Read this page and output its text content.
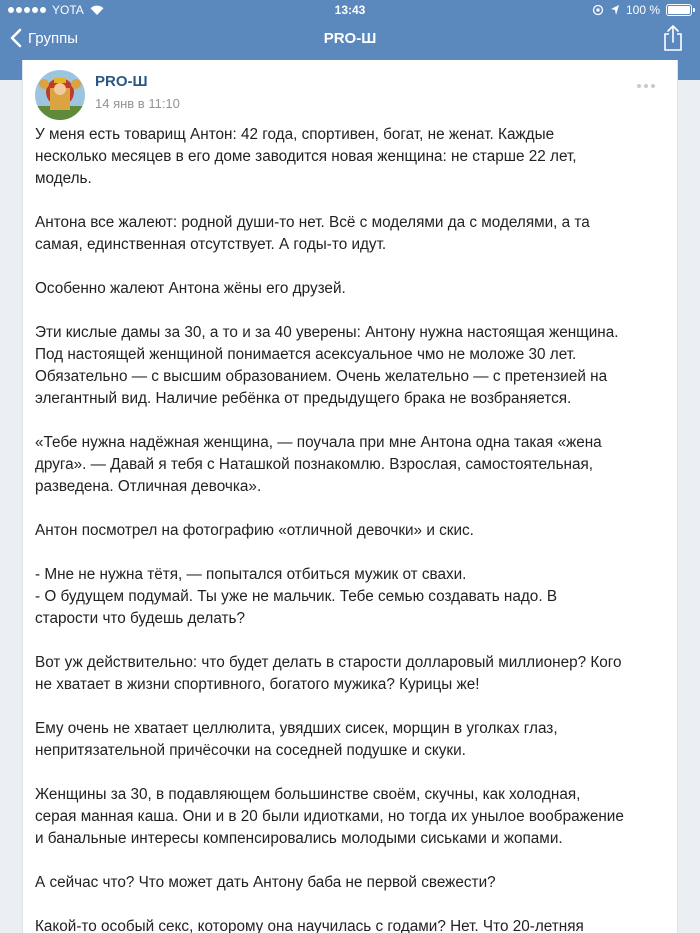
YOTA	13:43	100 %
Группы	PRO-Ш
PRO-Ш
14 янв в 11:10

У меня есть товарищ Антон: 42 года, спортивен, богат, не женат. Каждые
несколько месяцев в его доме заводится новая женщина: не старше 22 лет,
модель.

Антона все жалеют: родной души-то нет. Всё с моделями да с моделями, а та
самая, единственная отсутствует. А годы-то идут.

Особенно жалеют Антона жёны его друзей.

Эти кислые дамы за 30, а то и за 40 уверены: Антону нужна настоящая женщина.
Под настоящей женщиной понимается асексуальное чмо не моложе 30 лет.
Обязательно — с высшим образованием. Очень желательно — с претензией на
элегантный вид. Наличие ребёнка от предыдущего брака не возбраняется.

«Тебе нужна надёжная женщина, — поучала при мне Антона одна такая «жена
друга». — Давай я тебя с Наташкой познакомлю. Взрослая, самостоятельная,
разведена. Отличная девочка».

Антон посмотрел на фотографию «отличной девочки» и скис.

- Мне не нужна тётя, — попытался отбиться мужик от свахи.
- О будущем подумай. Ты уже не мальчик. Тебе семью создавать надо. В
старости что будешь делать?

Вот уж действительно: что будет делать в старости долларовый миллионер? Кого
не хватает в жизни спортивного, богатого мужика? Курицы же!

Ему очень не хватает целлюлита, увядших сисек, морщин в уголках глаз,
непритязательной причёсочки на соседней подушке и скуки.

Женщины за 30, в подавляющем большинстве своём, скучны, как холодная,
серая манная каша. Они и в 20 были идиотками, но тогда их унылое воображение
и банальные интересы компенсировались молодыми сиськами и жопами.

А сейчас что? Что может дать Антону баба не первой свежести?

Какой-то особый секс, которому она научилась с годами? Нет. Что 20-летняя
